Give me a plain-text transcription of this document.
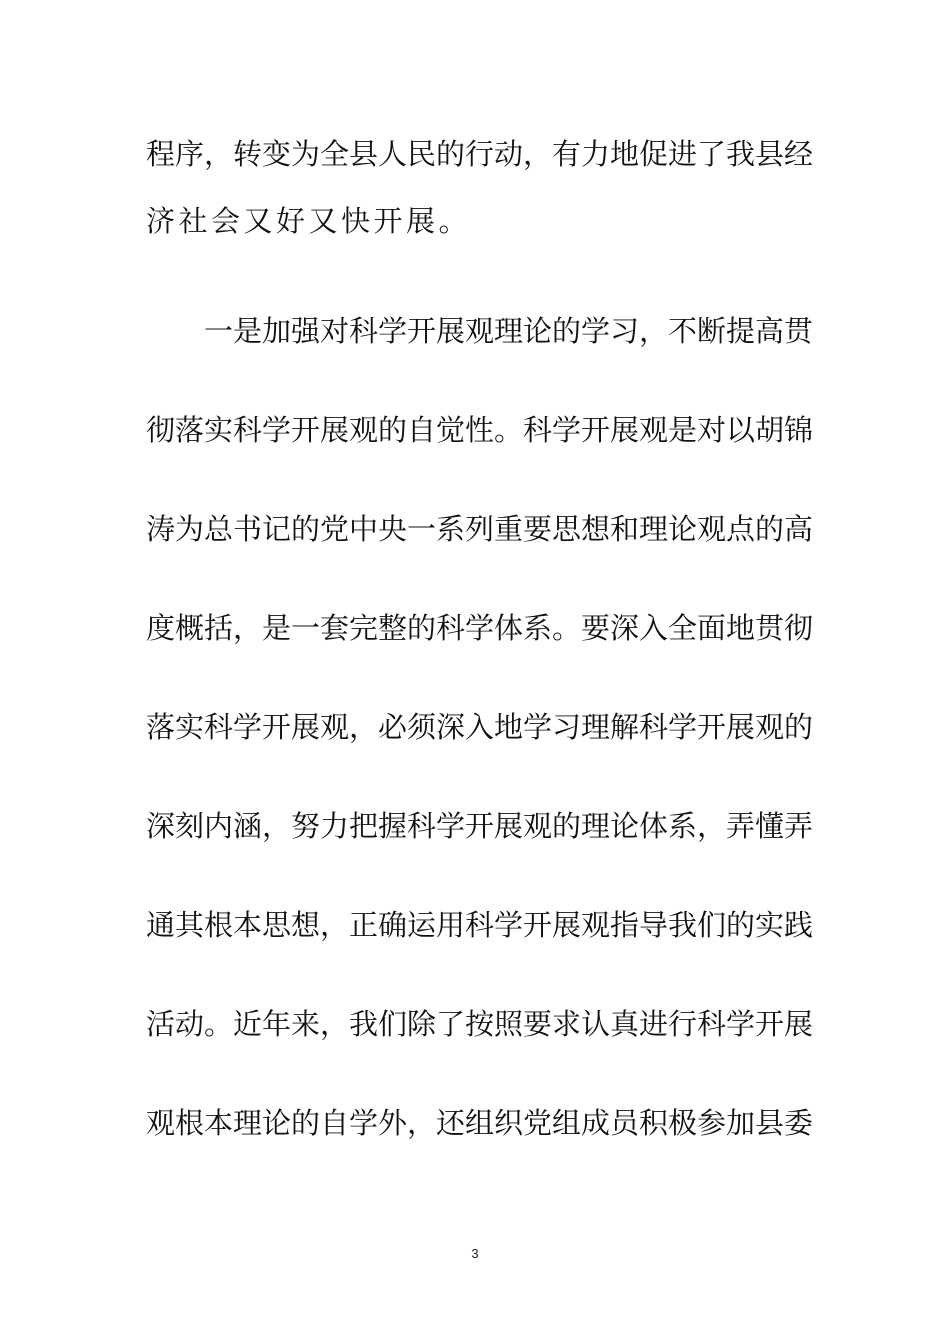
程序，转变为全县人民的行动，有力地促进了我县经
济社会又好又快开展。
一是加强对科学开展观理论的学习，不断提高贯
彻落实科学开展观的自觉性。科学开展观是对以胡锦
涛为总书记的党中央一系列重要思想和理论观点的高
度概括，是一套完整的科学体系。要深入全面地贯彻
落实科学开展观，必须深入地学习理解科学开展观的
深刻内涵，努力把握科学开展观的理论体系，弄懂弄
通其根本思想，正确运用科学开展观指导我们的实践
活动。近年来，我们除了按照要求认真进行科学开展
观根本理论的自学外，还组织党组成员积极参加县委
3
